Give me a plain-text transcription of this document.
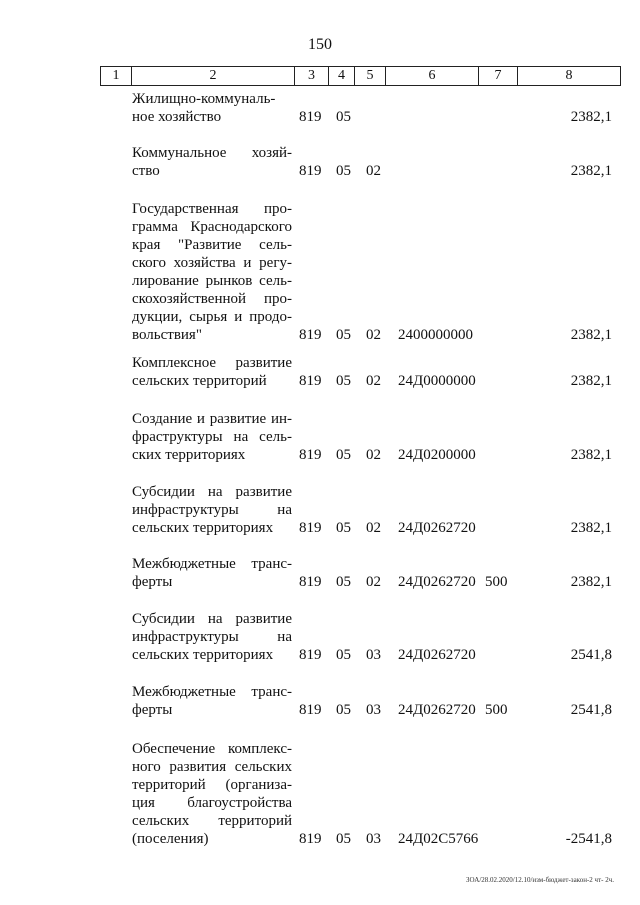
150
1	2	3	4	5	6	7	8
Жилищно-коммуналь-
ное хозяйство	819 05	2382,1
Коммунальное хозяй-
ство	819 05 02	2382,1
Государственная про-
грамма Краснодарского
края "Развитие сель-
ского хозяйства и регу-
лирование рынков сель-
скохозяйственной про-
дукции, сырья и продо-
вольствия"	819 05 02 2400000000	2382,1
Комплексное развитие
сельских территорий	819 05 02 24Д0000000	2382,1
Создание и развитие ин-
фраструктуры на сель-
ских территориях	819 05 02 24Д0200000	2382,1
Субсидии на развитие
инфраструктуры на
сельских территориях	819 05 02 24Д0262720	2382,1
Межбюджетные транс-
ферты	819 05 02 24Д0262720 500	2382,1
Субсидии на развитие
инфраструктуры на
сельских территориях	819 05 03 24Д0262720	2541,8
Межбюджетные транс-
ферты	819 05 03 24Д0262720 500	2541,8
Обеспечение комплекс-
ного развития сельских
территорий (организа-
ция благоустройства
сельских территорий
(поселения)	819 05 03 24Д02С5766	-2541,8
ЗОА/28.02.2020/12.10/изм-бюджет-закон-2 чт- 2ч.
